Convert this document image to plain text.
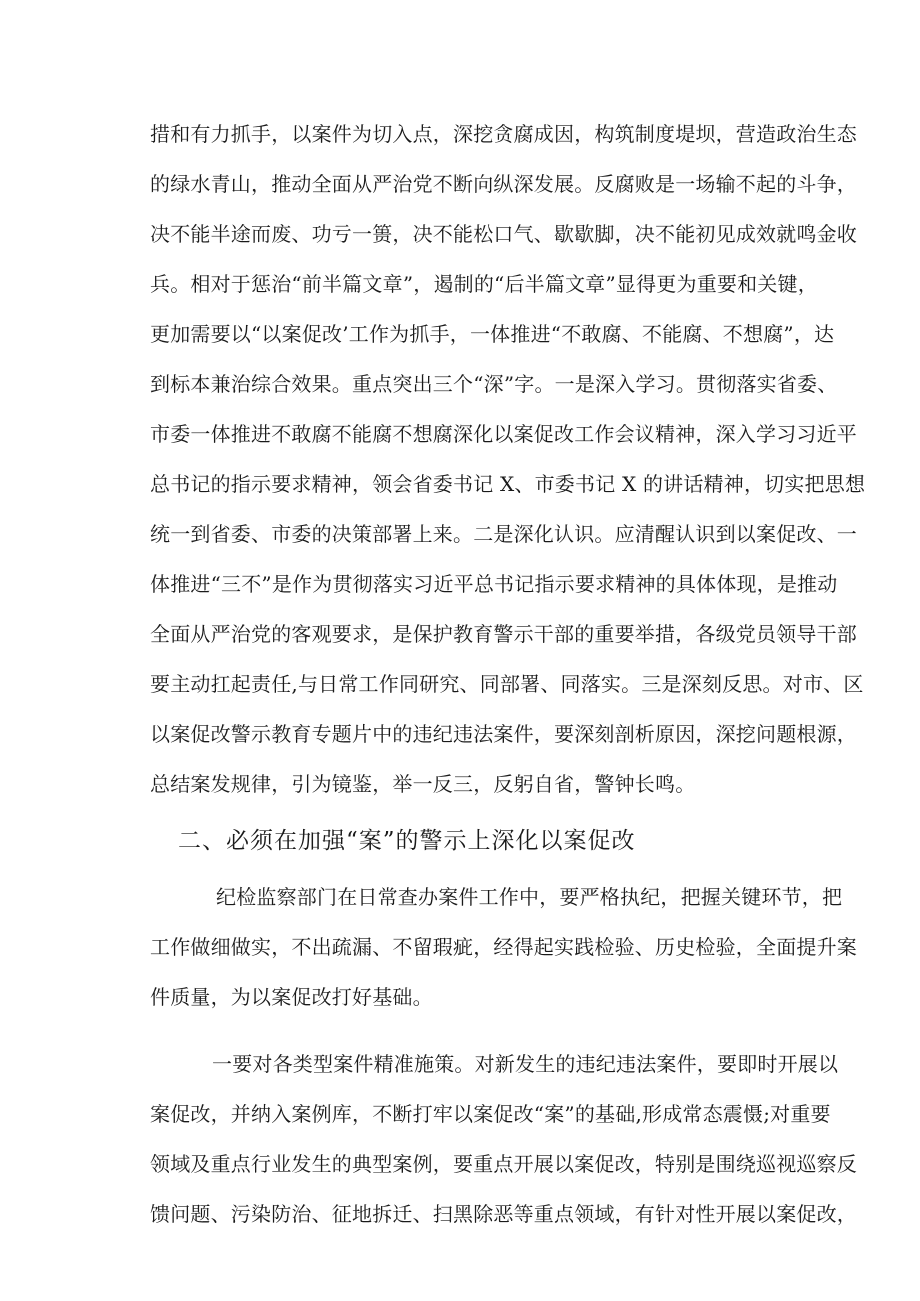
措和有力抓手，以案件为切入点，深挖贪腐成因，构筑制度堤坝，营造政治生态
的绿水青山，推动全面从严治党不断向纵深发展。反腐败是一场输不起的斗争，
决不能半途而废、功亏一篑，决不能松口气、歇歇脚，决不能初见成效就鸣金收
兵。相对于惩治“前半篇文章”，遏制的“后半篇文章”显得更为重要和关键，
更加需要以“以案促改’工作为抓手，一体推进“不敢腐、不能腐、不想腐”，达
到标本兼治综合效果。重点突出三个“深”字。一是深入学习。贯彻落实省委、
市委一体推进不敢腐不能腐不想腐深化以案促改工作会议精神，深入学习习近平
总书记的指示要求精神，领会省委书记 X、市委书记 X 的讲话精神，切实把思想
统一到省委、市委的决策部署上来。二是深化认识。应清醒认识到以案促改、一
体推进“三不”是作为贯彻落实习近平总书记指示要求精神的具体体现，是推动
全面从严治党的客观要求，是保护教育警示干部的重要举措，各级党员领导干部
要主动扛起责任,与日常工作同研究、同部署、同落实。三是深刻反思。对市、区
以案促改警示教育专题片中的违纪违法案件，要深刻剖析原因，深挖问题根源，
总结案发规律，引为镜鉴，举一反三，反躬自省，警钟长鸣。
二、必须在加强“案”的警示上深化以案促改
纪检监察部门在日常查办案件工作中，要严格执纪，把握关键环节，把
工作做细做实，不出疏漏、不留瑕疵，经得起实践检验、历史检验，全面提升案
件质量，为以案促改打好基础。
一要对各类型案件精准施策。对新发生的违纪违法案件，要即时开展以
案促改，并纳入案例库，不断打牢以案促改“案”的基础,形成常态震慑;对重要
领域及重点行业发生的典型案例，要重点开展以案促改，特别是围绕巡视巡察反
馈问题、污染防治、征地拆迁、扫黑除恶等重点领域，有针对性开展以案促改，
